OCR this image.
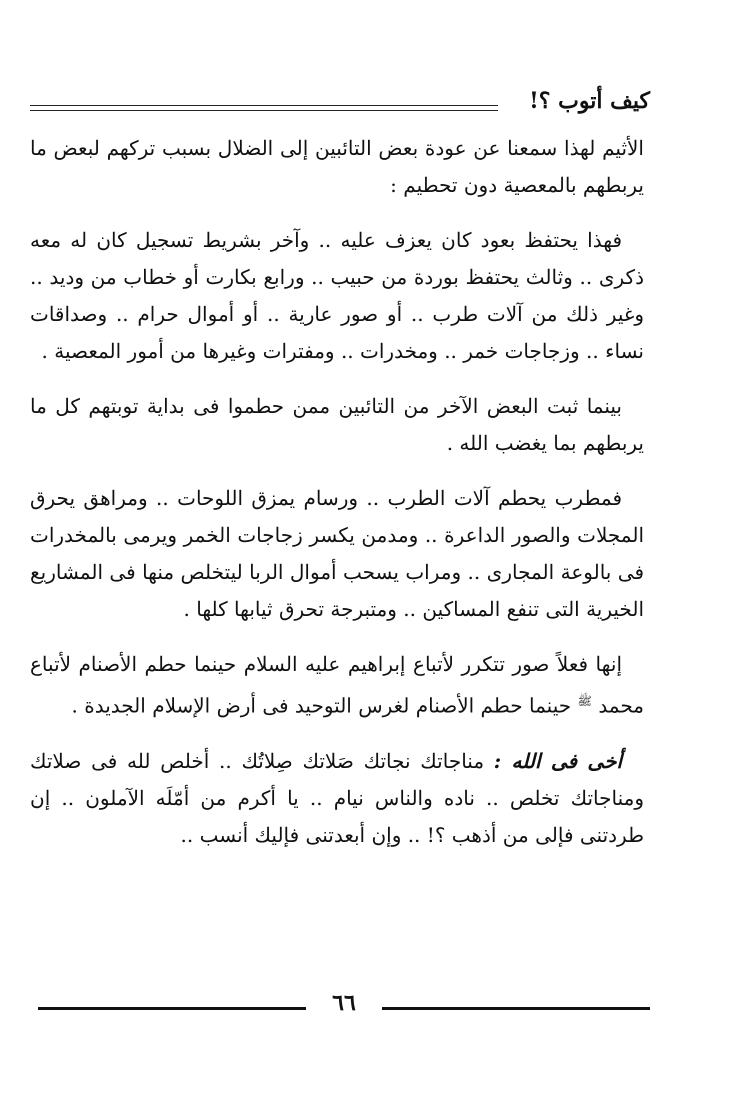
كيف أتوب ؟!

الأثيم لهذا سمعنا عن عودة بعض التائبين إلى الضلال بسبب تركهم لبعض ما يربطهم بالمعصية دون تحطيم :

فهذا يحتفظ بعود كان يعزف عليه .. وآخر بشريط تسجيل كان له معه ذكرى .. وثالث يحتفظ بوردة من حبيب .. ورابع بكارت أو خطاب من وديد .. وغير ذلك من آلات طرب .. أو صور عارية .. أو أموال حرام .. وصداقات نساء .. وزجاجات خمر .. ومخدرات .. ومفترات وغيرها من أمور المعصية .

بينما ثبت البعض الآخر من التائبين ممن حطموا فى بداية توبتهم كل ما يربطهم بما يغضب الله .

فمطرب يحطم آلات الطرب .. ورسام يمزق اللوحات .. ومراهق يحرق المجلات والصور الداعرة .. ومدمن يكسر زجاجات الخمر ويرمى بالمخدرات فى بالوعة المجارى .. ومراب يسحب أموال الربا ليتخلص منها فى المشاريع الخيرية التى تنفع المساكين .. ومتبرجة تحرق ثيابها كلها .

إنها فعلاً صور تتكرر لأتباع إبراهيم عليه السلام حينما حطم الأصنام لأتباع محمد $^ﷺ$ حينما حطم الأصنام لغرس التوحيد فى أرض الإسلام الجديدة .

أخى فى الله : مناجاتك نجاتك صَلاتك صِلاتُك .. أخلص لله فى صلاتك ومناجاتك تخلص .. ناده والناس نيام .. يا أكرم من أمّلَه الآملون .. إن طردتنى فإلى من أذهب ؟! .. وإن أبعدتنى فإليك أنسب ..

٦٦
